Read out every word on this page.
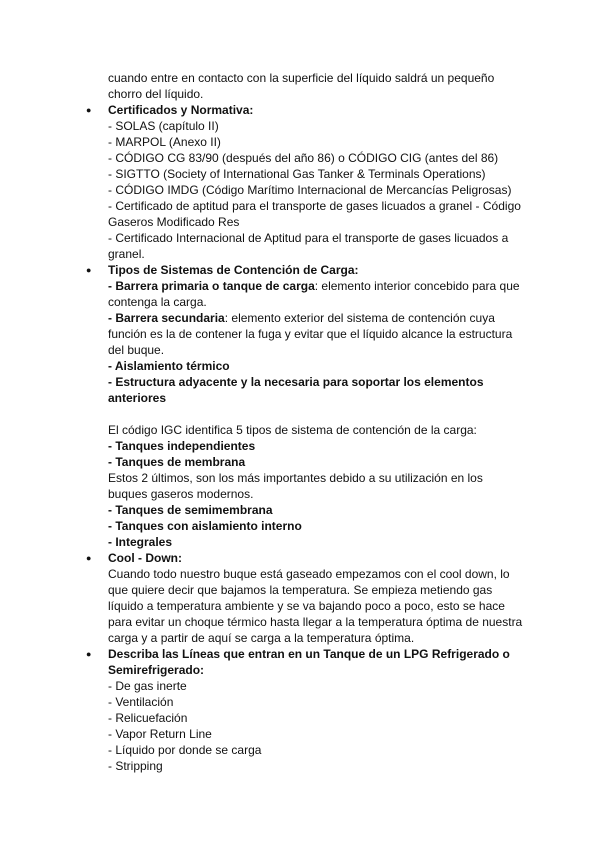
cuando entre en contacto con la superficie del líquido saldrá un pequeño
chorro del líquido.
● Certificados y Normativa:
- SOLAS (capítulo II)
- MARPOL (Anexo II)
- CÓDIGO CG 83/90 (después del año 86) o CÓDIGO CIG (antes del 86)
- SIGTTO (Society of International Gas Tanker & Terminals Operations)
- CÓDIGO IMDG (Código Marítimo Internacional de Mercancías Peligrosas)
- Certificado de aptitud para el transporte de gases licuados a granel - Código
Gaseros Modificado Res
- Certificado Internacional de Aptitud para el transporte de gases licuados a
granel.
● Tipos de Sistemas de Contención de Carga:
- Barrera primaria o tanque de carga: elemento interior concebido para que
contenga la carga.
- Barrera secundaria: elemento exterior del sistema de contención cuya
función es la de contener la fuga y evitar que el líquido alcance la estructura
del buque.
- Aislamiento térmico
- Estructura adyacente y la necesaria para soportar los elementos
anteriores
El código IGC identifica 5 tipos de sistema de contención de la carga:
- Tanques independientes
- Tanques de membrana
Estos 2 últimos, son los más importantes debido a su utilización en los
buques gaseros modernos.
- Tanques de semimembrana
- Tanques con aislamiento interno
- Integrales
● Cool - Down:
Cuando todo nuestro buque está gaseado empezamos con el cool down, lo
que quiere decir que bajamos la temperatura. Se empieza metiendo gas
líquido a temperatura ambiente y se va bajando poco a poco, esto se hace
para evitar un choque térmico hasta llegar a la temperatura óptima de nuestra
carga y a partir de aquí se carga a la temperatura óptima.
● Describa las Líneas que entran en un Tanque de un LPG Refrigerado o
Semirefrigerado:
- De gas inerte
- Ventilación
- Relicuefación
- Vapor Return Line
- Líquido por donde se carga
- Stripping
